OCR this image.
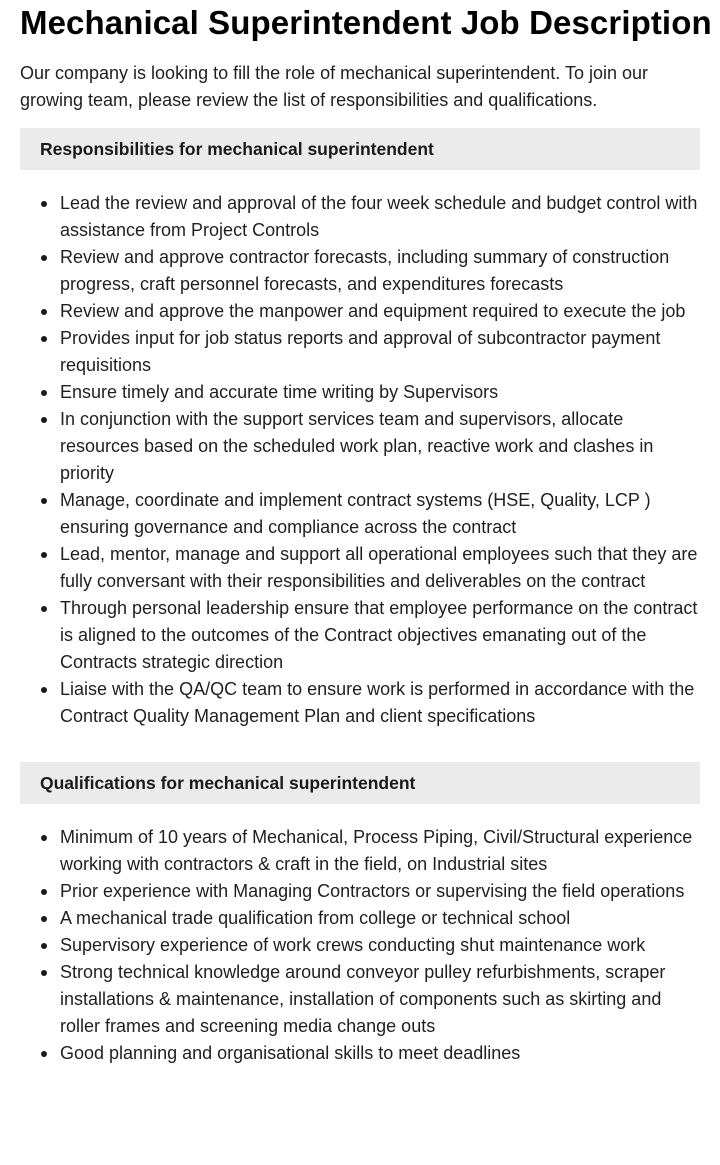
Mechanical Superintendent Job Description

Our company is looking to fill the role of mechanical superintendent. To join our growing team, please review the list of responsibilities and qualifications.

Responsibilities for mechanical superintendent
Lead the review and approval of the four week schedule and budget control with assistance from Project Controls
Review and approve contractor forecasts, including summary of construction progress, craft personnel forecasts, and expenditures forecasts
Review and approve the manpower and equipment required to execute the job
Provides input for job status reports and approval of subcontractor payment requisitions
Ensure timely and accurate time writing by Supervisors
In conjunction with the support services team and supervisors, allocate resources based on the scheduled work plan, reactive work and clashes in priority
Manage, coordinate and implement contract systems (HSE, Quality, LCP ) ensuring governance and compliance across the contract
Lead, mentor, manage and support all operational employees such that they are fully conversant with their responsibilities and deliverables on the contract
Through personal leadership ensure that employee performance on the contract is aligned to the outcomes of the Contract objectives emanating out of the Contracts strategic direction
Liaise with the QA/QC team to ensure work is performed in accordance with the Contract Quality Management Plan and client specifications
Qualifications for mechanical superintendent
Minimum of 10 years of Mechanical, Process Piping, Civil/Structural experience working with contractors & craft in the field, on Industrial sites
Prior experience with Managing Contractors or supervising the field operations
A mechanical trade qualification from college or technical school
Supervisory experience of work crews conducting shut maintenance work
Strong technical knowledge around conveyor pulley refurbishments, scraper installations & maintenance, installation of components such as skirting and roller frames and screening media change outs
Good planning and organisational skills to meet deadlines
